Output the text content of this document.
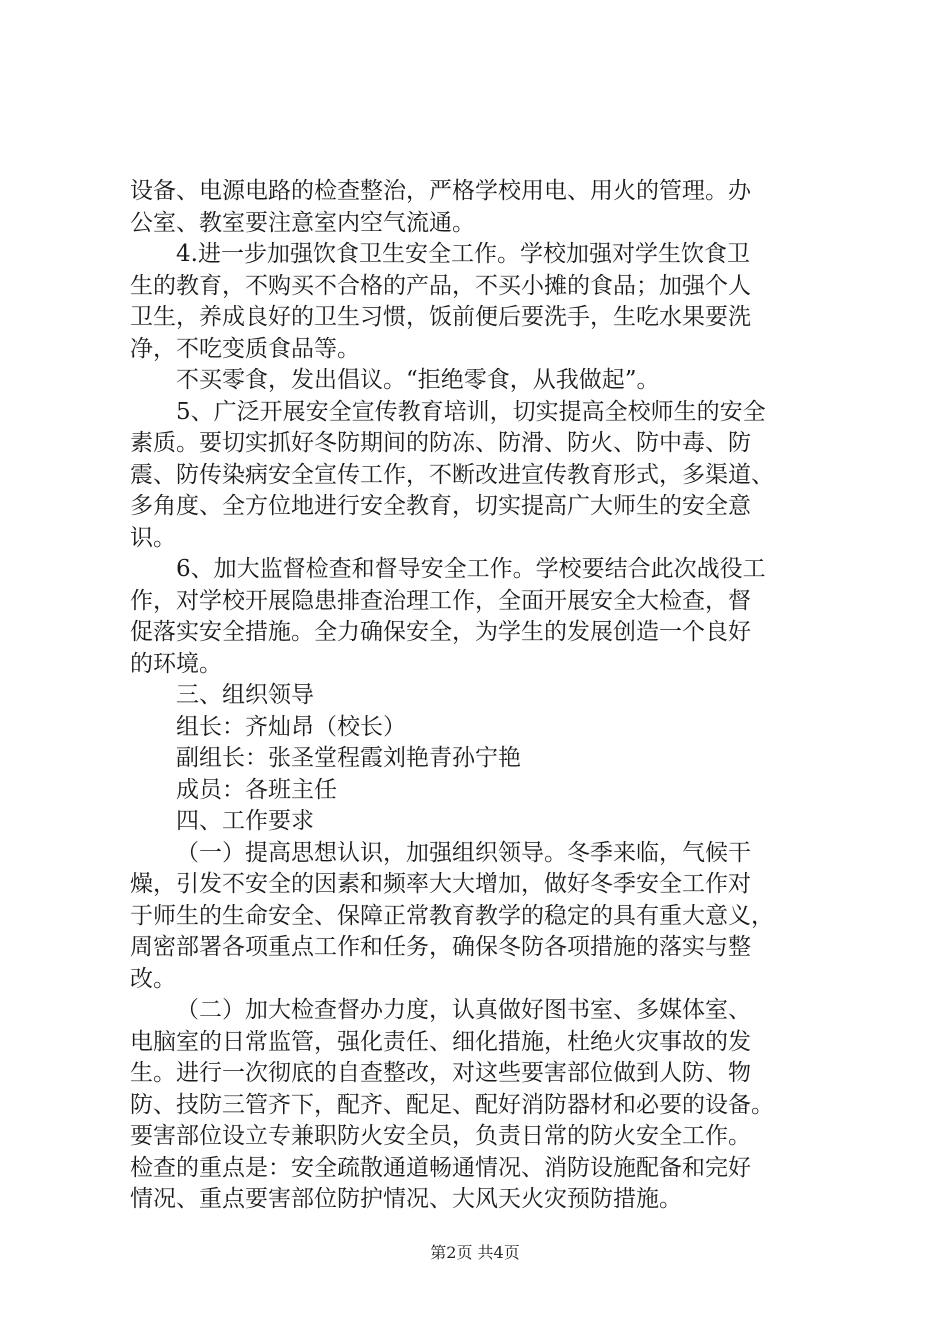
设备、电源电路的检查整治，严格学校用电、用火的管理。办
公室、教室要注意室内空气流通。
4.进一步加强饮食卫生安全工作。学校加强对学生饮食卫
生的教育，不购买不合格的产品，不买小摊的食品；加强个人
卫生，养成良好的卫生习惯，饭前便后要洗手，生吃水果要洗
净，不吃变质食品等。
不买零食，发出倡议。“拒绝零食，从我做起”。
5、广泛开展安全宣传教育培训，切实提高全校师生的安全
素质。要切实抓好冬防期间的防冻、防滑、防火、防中毒、防
震、防传染病安全宣传工作，不断改进宣传教育形式，多渠道、
多角度、全方位地进行安全教育，切实提高广大师生的安全意
识。
6、加大监督检查和督导安全工作。学校要结合此次战役工
作，对学校开展隐患排查治理工作，全面开展安全大检查，督
促落实安全措施。全力确保安全，为学生的发展创造一个良好
的环境。
三、组织领导
组长：齐灿昂（校长）
副组长：张圣堂程霞刘艳青孙宁艳
成员：各班主任
四、工作要求
（一）提高思想认识，加强组织领导。冬季来临，气候干
燥，引发不安全的因素和频率大大增加，做好冬季安全工作对
于师生的生命安全、保障正常教育教学的稳定的具有重大意义，
周密部署各项重点工作和任务，确保冬防各项措施的落实与整
改。
（二）加大检查督办力度，认真做好图书室、多媒体室、
电脑室的日常监管，强化责任、细化措施，杜绝火灾事故的发
生。进行一次彻底的自查整改，对这些要害部位做到人防、物
防、技防三管齐下，配齐、配足、配好消防器材和必要的设备。
要害部位设立专兼职防火安全员，负责日常的防火安全工作。
检查的重点是：安全疏散通道畅通情况、消防设施配备和完好
情况、重点要害部位防护情况、大风天火灾预防措施。
第2页 共4页
